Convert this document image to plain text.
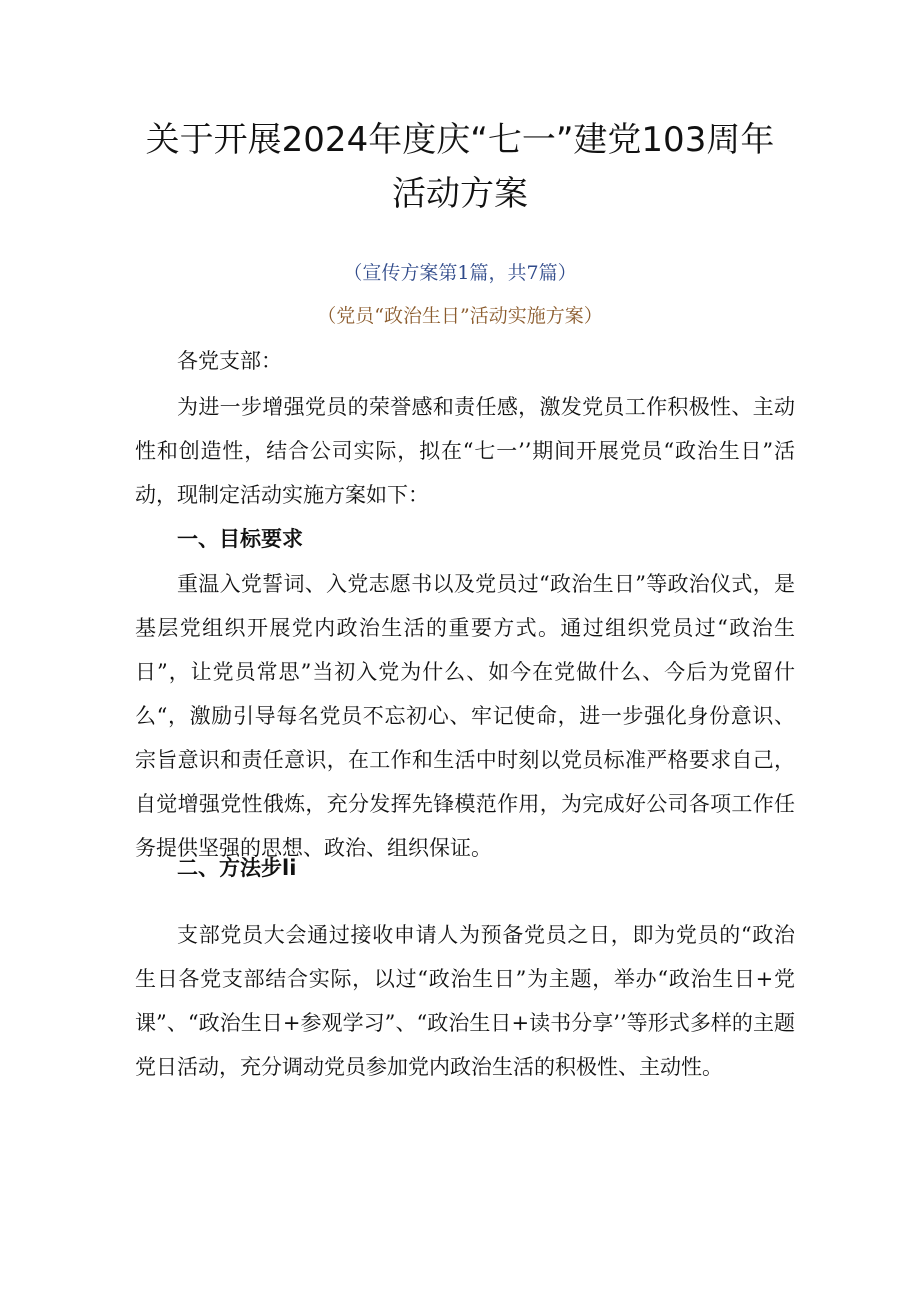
关于开展2024年度庆“七一”建党103周年
活动方案
（宣传方案第1篇，共7篇）
（党员“政治生日”活动实施方案）
各党支部：

为进一步增强党员的荣誉感和责任感，激发党员工作积极性、主动性和创造性，结合公司实际，拟在“七一’’期间开展党员“政治生日”活动，现制定活动实施方案如下：

一、目标要求

重温入党誓词、入党志愿书以及党员过“政治生日”等政治仪式，是基层党组织开展党内政治生活的重要方式。通过组织党员过“政治生日”，让党员常思”当初入党为什么、如今在党做什么、今后为党留什么“，激励引导每名党员不忘初心、牢记使命，进一步强化身份意识、宗旨意识和责任意识，在工作和生活中时刻以党员标准严格要求自己，自觉增强党性俄炼，充分发挥先锋模范作用，为完成好公司各项工作任务提供坚强的思想、政治、组织保证。

二、方法步li

支部党员大会通过接收申请人为预备党员之日，即为党员的“政治生日各党支部结合实际，以过“政治生日”为主题，举办“政治生日+党课”、“政治生日+参观学习”、“政治生日+读书分享’’等形式多样的主题党日活动，充分调动党员参加党内政治生活的积极性、主动性。
